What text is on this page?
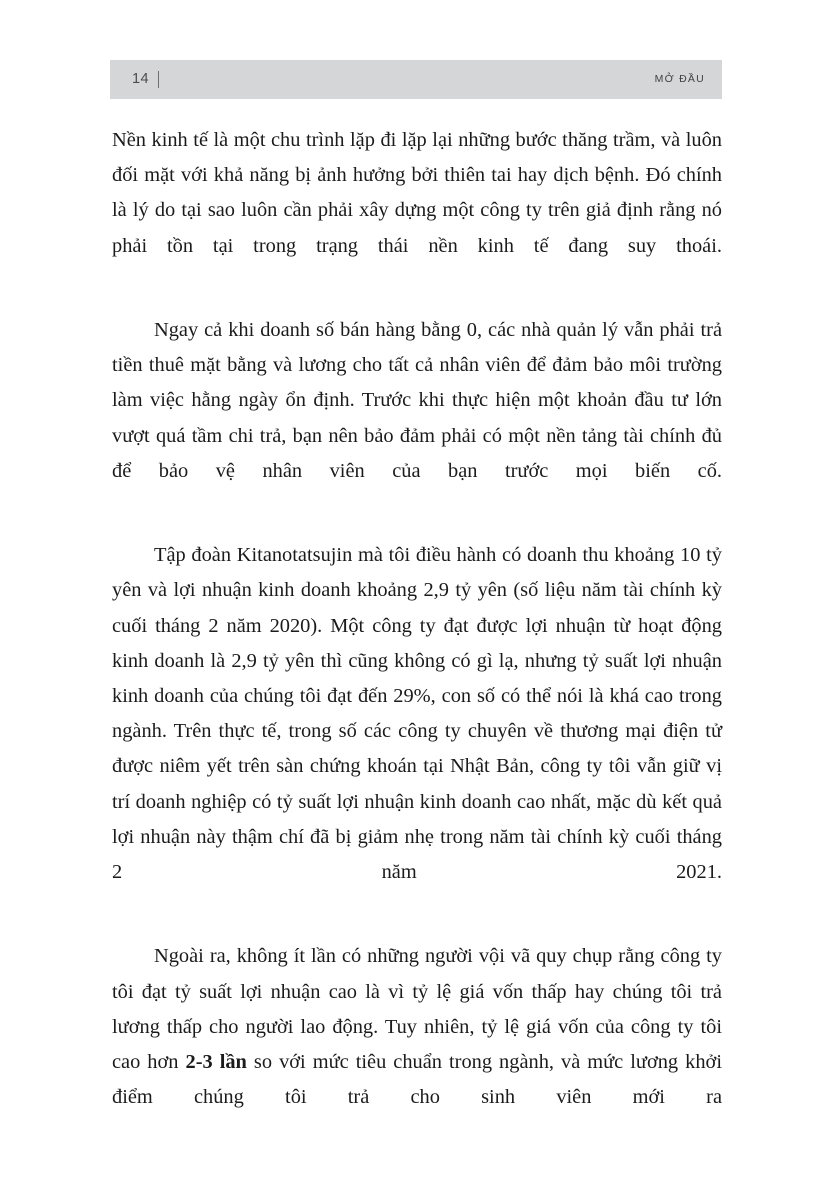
14	MỞ ĐẦU

Nền kinh tế là một chu trình lặp đi lặp lại những bước thăng trầm, và luôn đối mặt với khả năng bị ảnh hưởng bởi thiên tai hay dịch bệnh. Đó chính là lý do tại sao luôn cần phải xây dựng một công ty trên giả định rằng nó phải tồn tại trong trạng thái nền kinh tế đang suy thoái.

Ngay cả khi doanh số bán hàng bằng 0, các nhà quản lý vẫn phải trả tiền thuê mặt bằng và lương cho tất cả nhân viên để đảm bảo môi trường làm việc hằng ngày ổn định. Trước khi thực hiện một khoản đầu tư lớn vượt quá tầm chi trả, bạn nên bảo đảm phải có một nền tảng tài chính đủ để bảo vệ nhân viên của bạn trước mọi biến cố.

Tập đoàn Kitanotatsujin mà tôi điều hành có doanh thu khoảng 10 tỷ yên và lợi nhuận kinh doanh khoảng 2,9 tỷ yên (số liệu năm tài chính kỳ cuối tháng 2 năm 2020). Một công ty đạt được lợi nhuận từ hoạt động kinh doanh là 2,9 tỷ yên thì cũng không có gì lạ, nhưng tỷ suất lợi nhuận kinh doanh của chúng tôi đạt đến 29%, con số có thể nói là khá cao trong ngành. Trên thực tế, trong số các công ty chuyên về thương mại điện tử được niêm yết trên sàn chứng khoán tại Nhật Bản, công ty tôi vẫn giữ vị trí doanh nghiệp có tỷ suất lợi nhuận kinh doanh cao nhất, mặc dù kết quả lợi nhuận này thậm chí đã bị giảm nhẹ trong năm tài chính kỳ cuối tháng 2 năm 2021.

Ngoài ra, không ít lần có những người vội vã quy chụp rằng công ty tôi đạt tỷ suất lợi nhuận cao là vì tỷ lệ giá vốn thấp hay chúng tôi trả lương thấp cho người lao động. Tuy nhiên, tỷ lệ giá vốn của công ty tôi cao hơn 2-3 lần so với mức tiêu chuẩn trong ngành, và mức lương khởi điểm chúng tôi trả cho sinh viên mới ra
